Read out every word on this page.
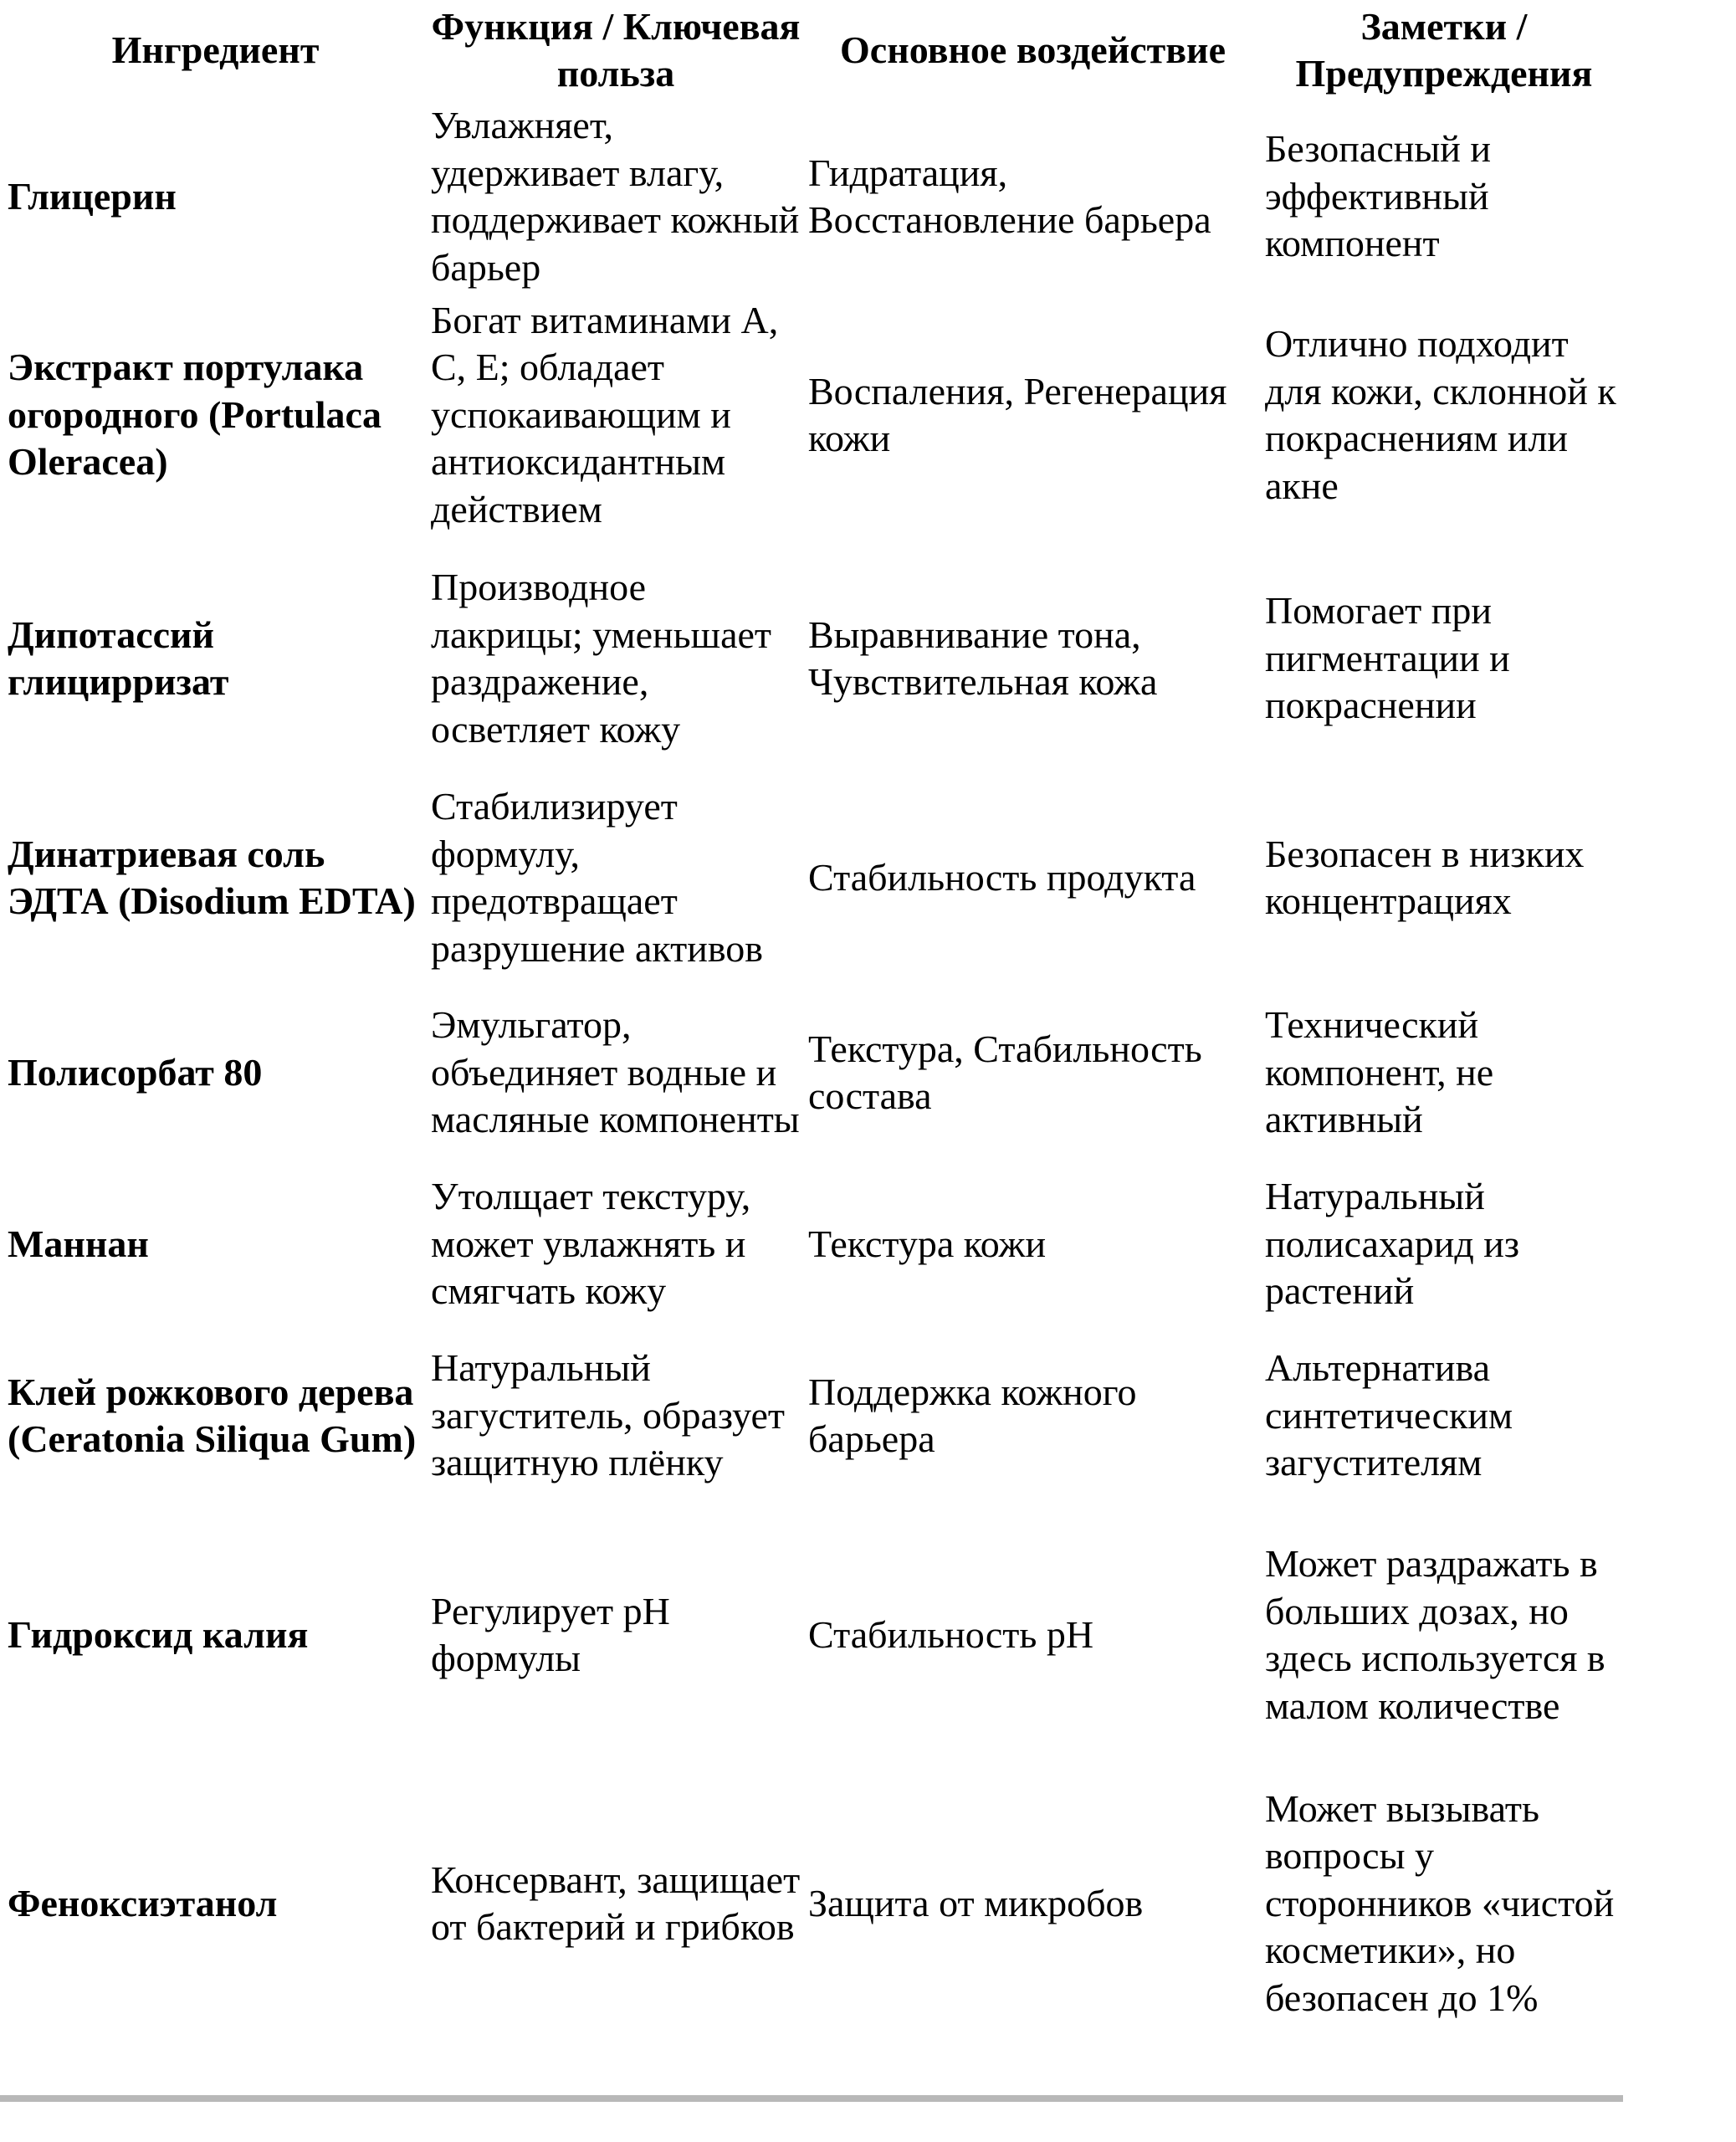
Ингредиент	Функция / Ключевая польза	Основное воздействие	Заметки / Предупреждения
Глицерин	Увлажняет, удерживает влагу, поддерживает кожный барьер	Гидратация, Восстановление барьера	Безопасный и эффективный компонент
Экстракт портулака огородного (Portulaca Oleracea)	Богат витаминами A, C, E; обладает успокаивающим и антиоксидантным действием	Воспаления, Регенерация кожи	Отлично подходит для кожи, склонной к покраснениям или акне
Дипотассий глицирризат	Производное лакрицы; уменьшает раздражение, осветляет кожу	Выравнивание тона, Чувствительная кожа	Помогает при пигментации и покраснении
Динатриевая соль ЭДТА (Disodium EDTA)	Стабилизирует формулу, предотвращает разрушение активов	Стабильность продукта	Безопасен в низких концентрациях
Полисорбат 80	Эмульгатор, объединяет водные и масляные компоненты	Текстура, Стабильность состава	Технический компонент, не активный
Маннан	Утолщает текстуру, может увлажнять и смягчать кожу	Текстура кожи	Натуральный полисахарид из растений
Клей рожкового дерева (Ceratonia Siliqua Gum)	Натуральный загуститель, образует защитную плёнку	Поддержка кожного барьера	Альтернатива синтетическим загустителям
Гидроксид калия	Регулирует pH формулы	Стабильность pH	Может раздражать в больших дозах, но здесь используется в малом количестве
Феноксиэтанол	Консервант, защищает от бактерий и грибков	Защита от микробов	Может вызывать вопросы у сторонников «чистой косметики», но безопасен до 1%
